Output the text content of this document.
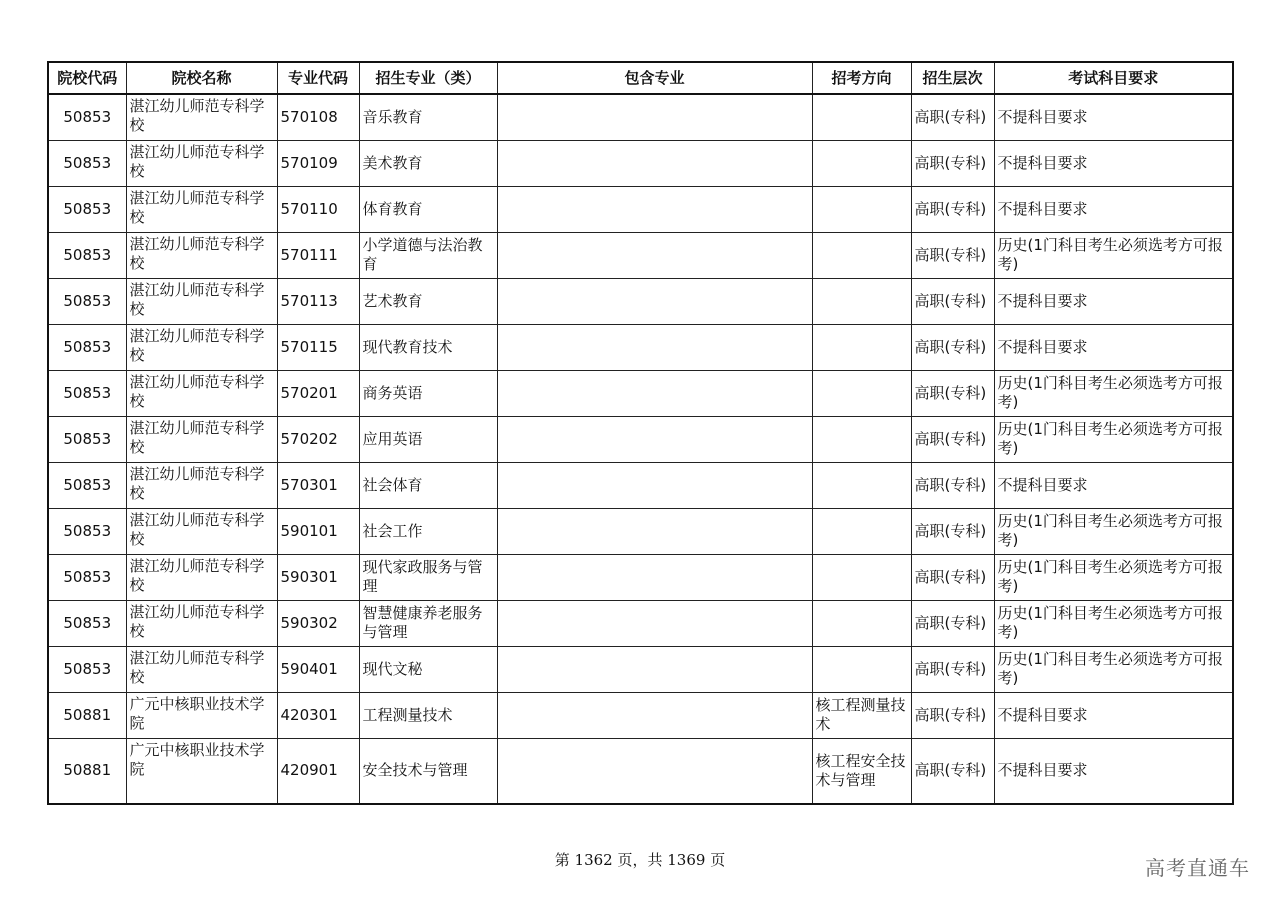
院校代码	院校名称	专业代码	招生专业（类）	包含专业	招考方向	招生层次	考试科目要求
50853	湛江幼儿师范专科学校	570108	音乐教育			高职(专科)	不提科目要求
50853	湛江幼儿师范专科学校	570109	美术教育			高职(专科)	不提科目要求
50853	湛江幼儿师范专科学校	570110	体育教育			高职(专科)	不提科目要求
50853	湛江幼儿师范专科学校	570111	小学道德与法治教育			高职(专科)	历史(1门科目考生必须选考方可报考)
50853	湛江幼儿师范专科学校	570113	艺术教育			高职(专科)	不提科目要求
50853	湛江幼儿师范专科学校	570115	现代教育技术			高职(专科)	不提科目要求
50853	湛江幼儿师范专科学校	570201	商务英语			高职(专科)	历史(1门科目考生必须选考方可报考)
50853	湛江幼儿师范专科学校	570202	应用英语			高职(专科)	历史(1门科目考生必须选考方可报考)
50853	湛江幼儿师范专科学校	570301	社会体育			高职(专科)	不提科目要求
50853	湛江幼儿师范专科学校	590101	社会工作			高职(专科)	历史(1门科目考生必须选考方可报考)
50853	湛江幼儿师范专科学校	590301	现代家政服务与管理			高职(专科)	历史(1门科目考生必须选考方可报考)
50853	湛江幼儿师范专科学校	590302	智慧健康养老服务与管理			高职(专科)	历史(1门科目考生必须选考方可报考)
50853	湛江幼儿师范专科学校	590401	现代文秘			高职(专科)	历史(1门科目考生必须选考方可报考)
50881	广元中核职业技术学院	420301	工程测量技术		核工程测量技术	高职(专科)	不提科目要求
50881	广元中核职业技术学院	420901	安全技术与管理		核工程安全技术与管理	高职(专科)	不提科目要求
第 1362 页，共 1369 页	高考直通车
